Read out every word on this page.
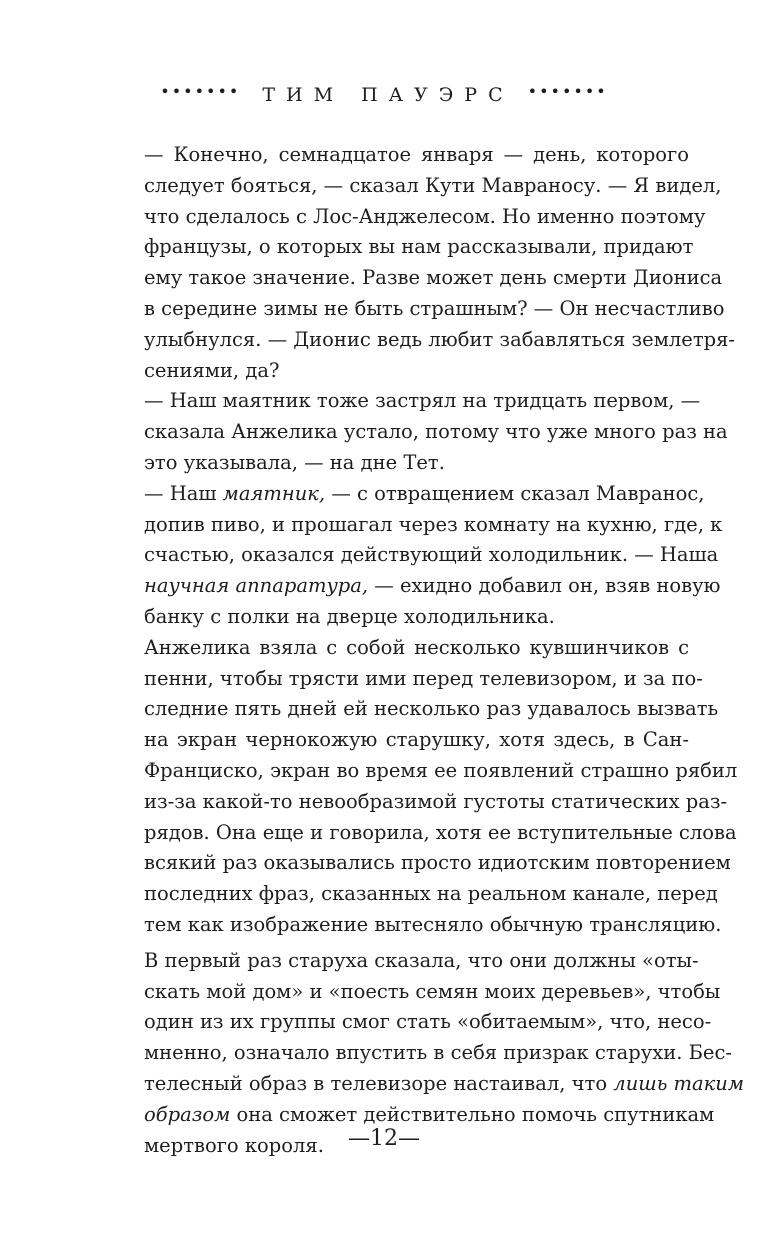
••••••• ТИМ ПАУЭРС •••••••
— Конечно, семнадцатое января — день, которого
следует бояться, — сказал Кути Мавраносу. — Я видел,
что сделалось с Лос-Анджелесом. Но именно поэтому
французы, о которых вы нам рассказывали, придают
ему такое значение. Разве может день смерти Диониса
в середине зимы не быть страшным? — Он несчастливо
улыбнулся. — Дионис ведь любит забавляться землетря-
сениями, да?
— Наш маятник тоже застрял на тридцать первом, —
сказала Анжелика устало, потому что уже много раз на
это указывала, — на дне Тет.
— Наш маятник, — с отвращением сказал Мавранос,
допив пиво, и прошагал через комнату на кухню, где, к
счастью, оказался действующий холодильник. — Наша
научная аппаратура, — ехидно добавил он, взяв новую
банку с полки на дверце холодильника.
Анжелика взяла с собой несколько кувшинчиков с
пенни, чтобы трясти ими перед телевизором, и за по-
следние пять дней ей несколько раз удавалось вызвать
на экран чернокожую старушку, хотя здесь, в Сан-
Франциско, экран во время ее появлений страшно рябил
из-за какой-то невообразимой густоты статических раз-
рядов. Она еще и говорила, хотя ее вступительные слова
всякий раз оказывались просто идиотским повторением
последних фраз, сказанных на реальном канале, перед
тем как изображение вытесняло обычную трансляцию.
В первый раз старуха сказала, что они должны «оты-
скать мой дом» и «поесть семян моих деревьев», чтобы
один из их группы смог стать «обитаемым», что, несо-
мненно, означало впустить в себя призрак старухи. Бес-
телесный образ в телевизоре настаивал, что лишь таким
образом она сможет действительно помочь спутникам
мертвого короля.	—12—
